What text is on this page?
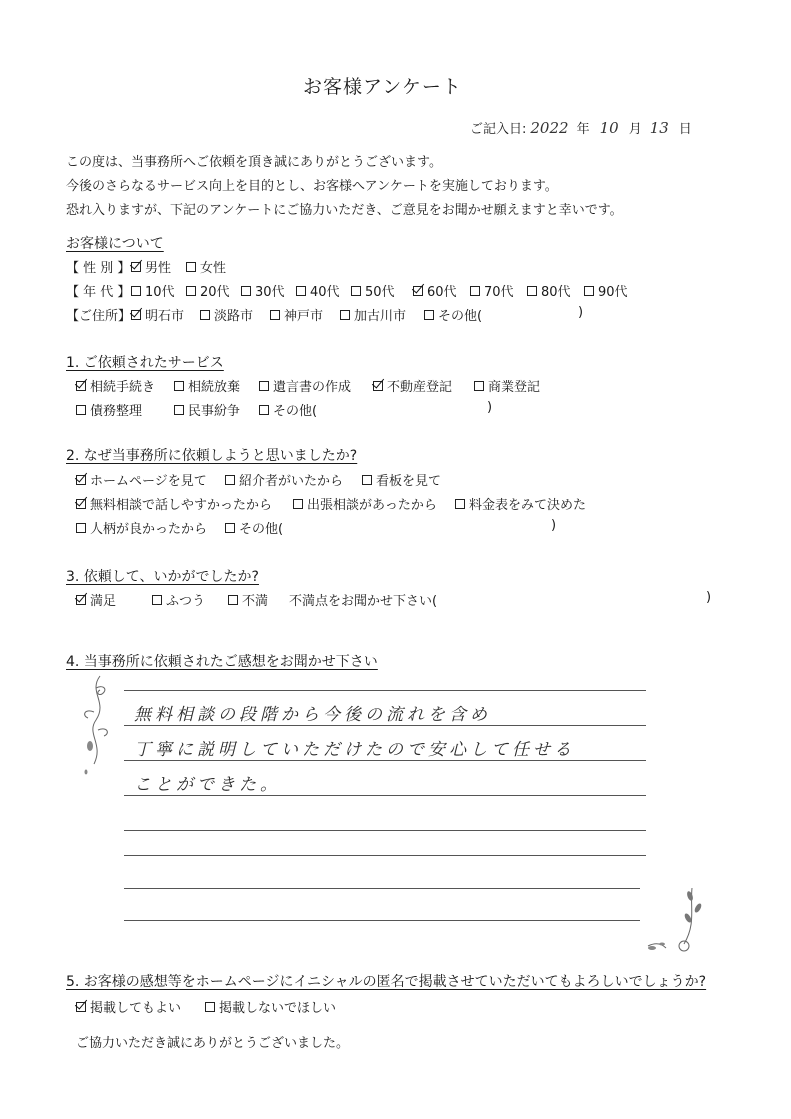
お客様アンケート
ご記入日: 2022 年 10 月 13 日
この度は、当事務所へご依頼を頂き誠にありがとうございます。
今後のさらなるサービス向上を目的とし、お客様へアンケートを実施しております。
恐れ入りますが、下記のアンケートにご協力いただき、ご意見をお聞かせ願えますと幸いです。
お客様について
【 性 別 】 男性 女性
【 年 代 】 10代 20代 30代 40代 50代 60代 70代 80代 90代
【ご住所】 明石市 淡路市 神戸市 加古川市 その他(	)
1. ご依頼されたサービス
相続手続き	相続放棄	遺言書の作成	不動産登記	商業登記
債務整理	民事紛争	その他(	)
2. なぜ当事務所に依頼しようと思いましたか?
ホームページを見て 紹介者がいたから	看板を見て
無料相談で話しやすかったから	出張相談があったから 料金表をみて決めた
人柄が良かったから その他(	)
3. 依頼して、いかがでしたか?
満足	ふつう	不満 不満点をお聞かせ下さい(	)
4. 当事務所に依頼されたご感想をお聞かせ下さい
無料相談の段階から今後の流れを含め
丁寧に説明していただけたので安心して任せる
ことができた。
5. お客様の感想等をホームページにイニシャルの匿名で掲載させていただいてもよろしいでしょうか?
掲載してもよい	掲載しないでほしい
ご協力いただき誠にありがとうございました。
